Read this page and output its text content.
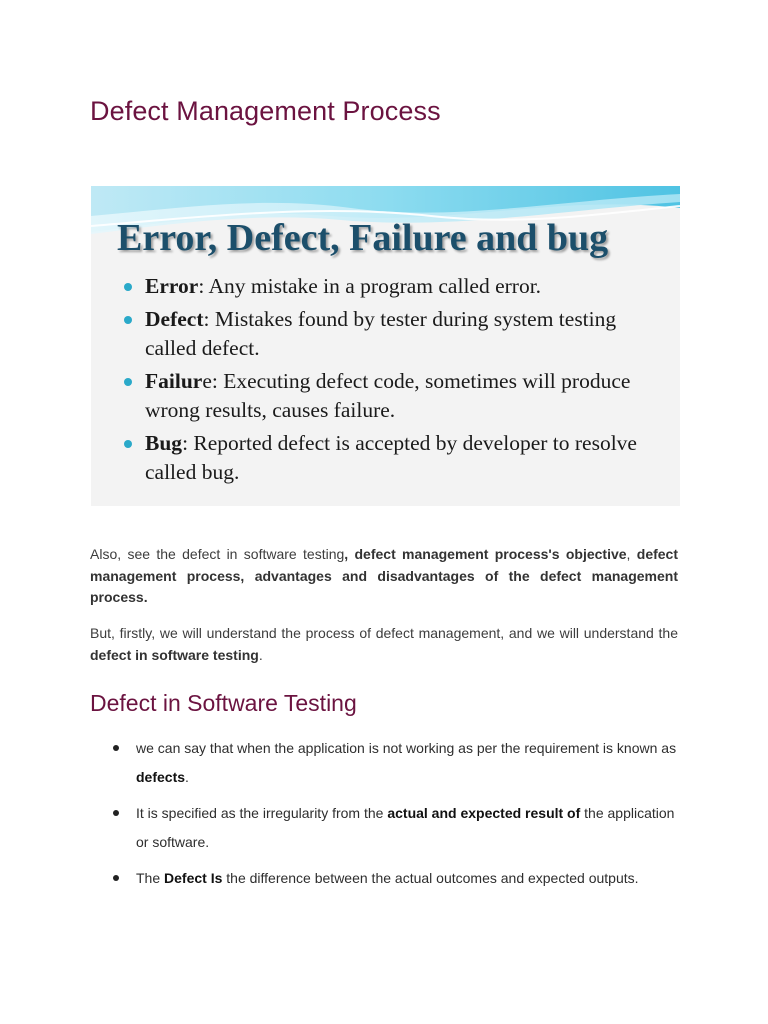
Defect Management Process
Error, Defect, Failure and bug
Error: Any mistake in a program called error.
Defect: Mistakes found by tester during system testing called defect.
Failure: Executing defect code, sometimes will produce wrong results, causes failure.
Bug: Reported defect is accepted by developer to resolve called bug.

Also, see the defect in software testing, defect management process's objective, defect management process, advantages and disadvantages of the defect management process.

But, firstly, we will understand the process of defect management, and we will understand the defect in software testing.

Defect in Software Testing
we can say that when the application is not working as per the requirement is known as defects.
It is specified as the irregularity from the actual and expected result of the application or software.
The Defect Is the difference between the actual outcomes and expected outputs.
